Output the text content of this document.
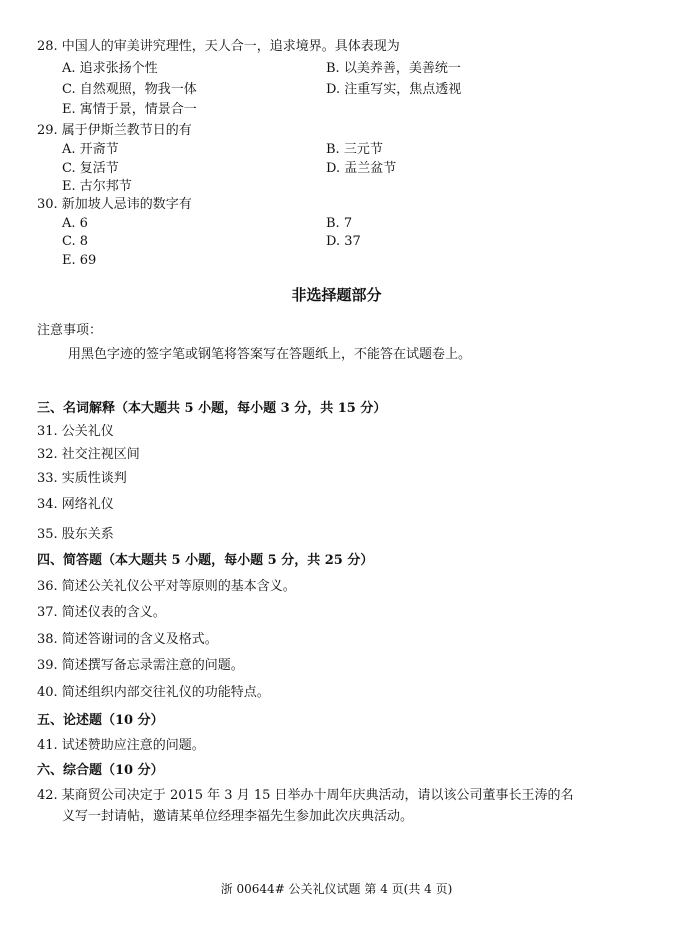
28. 中国人的审美讲究理性，天人合一，追求境界。具体表现为
A. 追求张扬个性	B. 以美养善，美善统一
C. 自然观照，物我一体	D. 注重写实，焦点透视
E. 寓情于景，情景合一
29. 属于伊斯兰教节日的有
A. 开斋节	B. 三元节
C. 复活节	D. 盂兰盆节
E. 古尔邦节
30. 新加坡人忌讳的数字有
A. 6	B. 7
C. 8	D. 37
E. 69
非选择题部分
注意事项：
用黑色字迹的签字笔或钢笔将答案写在答题纸上，不能答在试题卷上。
三、名词解释（本大题共 5 小题，每小题 3 分，共 15 分）
31. 公关礼仪
32. 社交注视区间
33. 实质性谈判
34. 网络礼仪
35. 股东关系
四、简答题（本大题共 5 小题，每小题 5 分，共 25 分）
36. 简述公关礼仪公平对等原则的基本含义。
37. 简述仪表的含义。
38. 简述答谢词的含义及格式。
39. 简述撰写备忘录需注意的问题。
40. 简述组织内部交往礼仪的功能特点。
五、论述题（10 分）
41. 试述赞助应注意的问题。
六、综合题（10 分）
42. 某商贸公司决定于 2015 年 3 月 15 日举办十周年庆典活动，请以该公司董事长王涛的名
义写一封请帖，邀请某单位经理李福先生参加此次庆典活动。
浙 00644# 公关礼仪试题 第 4 页(共 4 页)
